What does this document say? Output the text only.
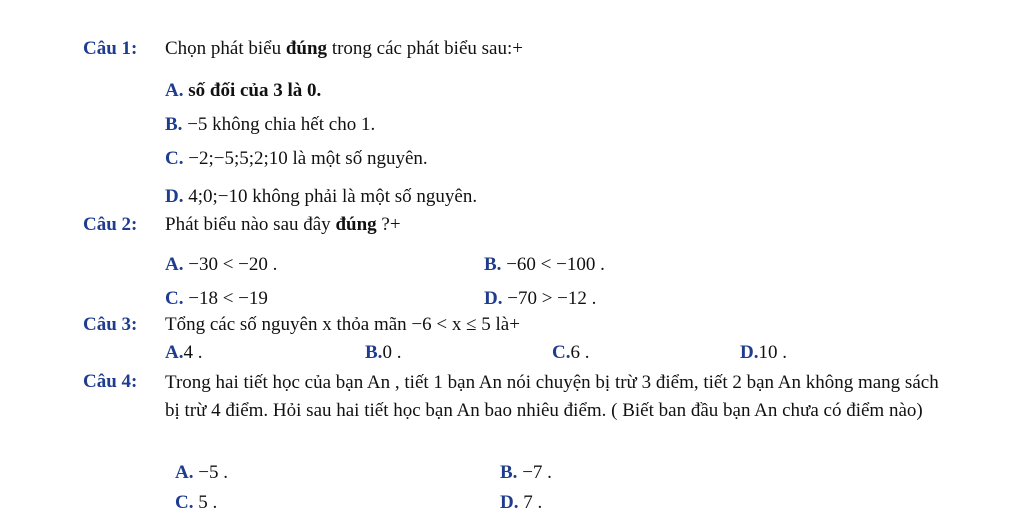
Câu 1: Chọn phát biểu đúng trong các phát biểu sau:+
A. số đối của 3 là 0.
B. −5 không chia hết cho 1.
C. −2;−5;5;2;10 là một số nguyên.
D. 4;0;−10 không phải là một số nguyên.
Câu 2: Phát biểu nào sau đây đúng ?+
A. −30 < −20 .	B. −60 < −100 .
C. −18 < −19	D. −70 > −12 .
Câu 3: Tổng các số nguyên x thỏa mãn −6 < x ≤ 5 là+
A.4 .	B.0 .	C.6 .	D.10 .
Câu 4:	Trong hai tiết học của bạn An , tiết 1 bạn An nói chuyện bị trừ 3 điểm, tiết 2 bạn An không mang sách bị trừ 4 điểm. Hỏi sau hai tiết học bạn An bao nhiêu điểm. ( Biết ban đầu bạn An chưa có điểm nào)
A. −5 .	B. −7 .
C. 5 .	D. 7 .
